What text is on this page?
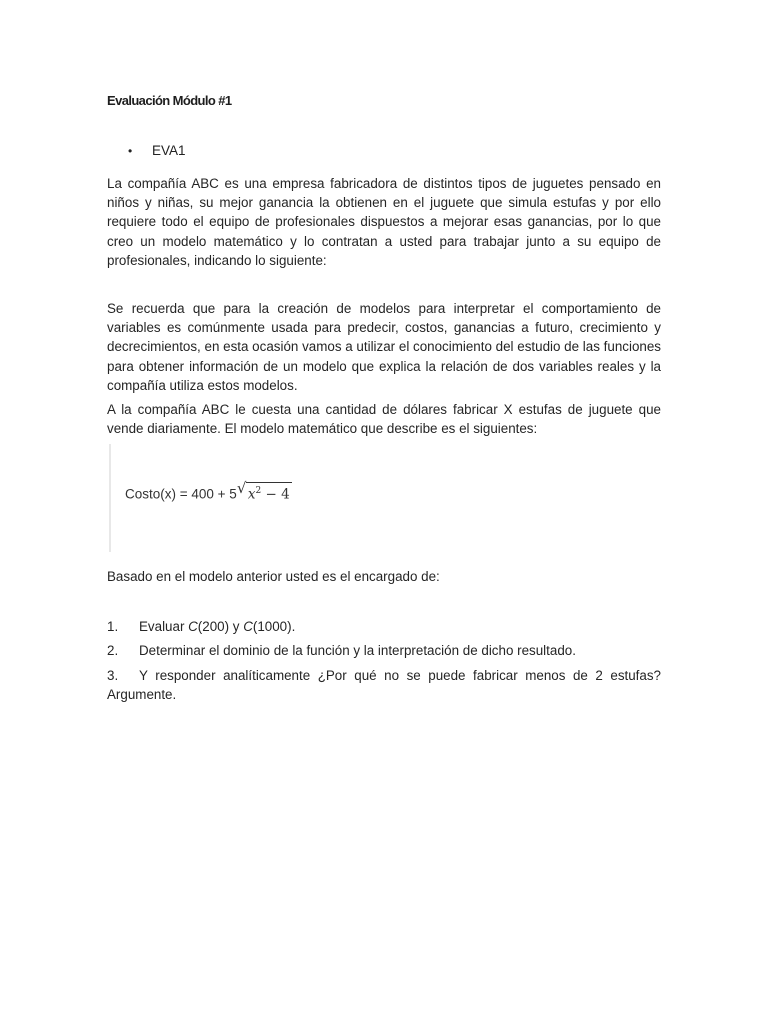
Evaluación Módulo #1
• EVA1
La compañía ABC es una empresa fabricadora de distintos tipos de juguetes pensado en niños y niñas, su mejor ganancia la obtienen en el juguete que simula estufas y por ello requiere todo el equipo de profesionales dispuestos a mejorar esas ganancias, por lo que creo un modelo matemático y lo contratan a usted para trabajar junto a su equipo de profesionales, indicando lo siguiente:
Se recuerda que para la creación de modelos para interpretar el comportamiento de variables es comúnmente usada para predecir, costos, ganancias a futuro, crecimiento y decrecimientos, en esta ocasión vamos a utilizar el conocimiento del estudio de las funciones para obtener información de un modelo que explica la relación de dos variables reales y la compañía utiliza estos modelos.
A la compañía ABC le cuesta una cantidad de dólares fabricar X estufas de juguete que vende diariamente. El modelo matemático que describe es el siguientes:
Costo(x) = 400 + 5 √ $x^2 - 4$
Basado en el modelo anterior usted es el encargado de:
1. Evaluar C(200) y C(1000).
2. Determinar el dominio de la función y la interpretación de dicho resultado.
3. Y responder analíticamente ¿Por qué no se puede fabricar menos de 2 estufas? Argumente.
